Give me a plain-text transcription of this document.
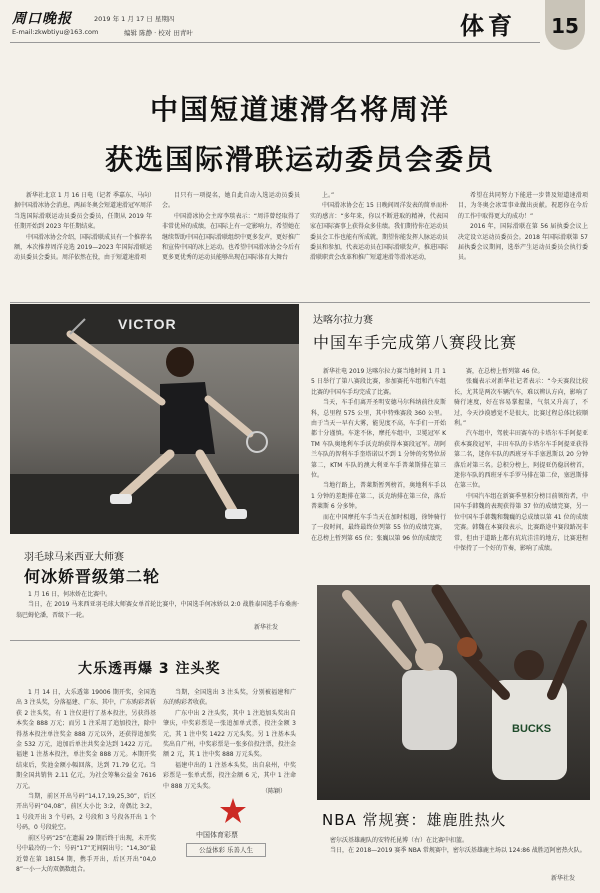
周口晚报	2019 年 1 月 17 日 星期四
E-mail:zkwbtiyu@163.com	编辑 陈静 · 校对 田青叶	体育	15
中国短道速滑名将周洋
获选国际滑联运动委员会委员

新华社北京 1 月 16 日电（记者 季嘉东、马向）据中国滑冰协会消息，两届冬奥会短道速滑冠军周洋当选国际滑联运动员委员会委员，任期从 2019 年任期开始到 2023 年任期结束。

中国滑冰协会介绍，国际滑联成员有一个推荐名额，本次推荐周洋竞选 2019—2023 年国际滑联运动员委员会委员。周洋依然在役，由于短道速滑项

目只有一项提名，她自此自动入选运动员委员会。

中国滑冰协会主席李琰表示：“周洋曾经取得了非常优异的成绩，在国际上有一定影响力，希望她在继续帮助中国在国际滑联组织中更多发声，更好推广和宣传中国的冰上运动。也希望中国滑冰协会今后有更多更优秀的运动员能够出现在国际体育大舞台

上。”

中国滑冰协会在 15 日晚间周洋发表的简单而朴实的感言：“多年来，你以不断进取的精神，代表国家在国际赛事上获得众多佳绩。我们期待你在运动员委员会工作也能有所成就，期望你能发挥人脉运动员委员和参加，代表运动员在国际滑联发声，推进国际滑联职责会改革和推广短道速滑等滑冰运动，

希望在共同努力下能进一步普及短道速滑项目，为冬奥会冰雪事业做出贡献。祝愿你在今后的工作中取得更大的成功！”

2016 年，国际滑联在第 56 届执委会议上决定设立运动员委员会。2018 年国际滑联第 57 届执委会议期间，选举产生运动员委员会执行委员。

VICTOR
羽毛球马来西亚大师赛
何冰娇晋级第二轮

1 月 16 日，何冰娇在比赛中。

当日，在 2019 马来西亚羽毛球大师赛女单首轮比赛中，中国选手何冰娇以 2:0 战胜泰国选手布桑南·翁巴姆伦潘，晋级下一轮。

新华社发
达喀尔拉力赛
中国车手完成第八赛段比赛

新华社电 2019 达喀尔拉力赛当地时间 1 月 15 日举行了第八赛段比赛，参加赛托车组和汽车组比赛的中国车手均完成了比赛。

当天，车手们离开圣明安德马尔科纳前往皮斯科，总里程 575 公里，其中特殊赛段 360 公里。由于当天一早有大雾，能见度不高，车手们一开始都十分谨慎。车迷不休，摩托车组中，卫冕冠军 KTM 车队奥地利车手沃克纳获得本赛段冠军。胡阿兰车队的智利车手奎塔诺以不到 1 分钟的劣势位居第二，KTM 车队的澳大利亚车手普莱斯排在第三位。

当地行路上，普莱斯暂列榜首，奥地利车手以 1 分钟的差距排在第二，沃克纳排在第三位，落后普莱斯 6 分多钟。

而在中国摩托车手当天在加时相遇，徐钟骑行了一段时间，最终最终位列第 55 位的成绩完赛，在总榜上暂列第 65 位；张巍以第 96 位的成绩完

赛，在总榜上暂列第 46 位。

张巍表示对新华社记者表示：“今天赛段比较长，尤其是两次车辆汽车，难以辨认方向，影响了骑行速度，好在容易掌握量，气氛又升高了，不过，今天沙漠感觉不是很大，比赛过程总体比较顺利。”

汽车组中，驾驶丰田赛车的卡塔尔车手阿提亚获本赛段冠军，丰田车队的卡塔尔车手阿提亚获得第二名，迷你车队的西班牙车手塞恩斯以 20 分钟落后对第三名。总积分榜上，阿提亚仍稳居榜首，迷你车队的西班牙车手罗马排在第二位，塞恩斯排在第三位。

中国汽车组在新赛季里积分榜目前领衔者，中国车手韩魏的表现获得第 37 位的成绩完赛，另一位中国车手韩魏和魏巍的总成绩以第 41 位的成绩完赛。韩魏在本赛段表示，比赛路途中赛段路况非常，但由于道路上都有坑坑洼洼的地方，比赛进程中保持了一个好的节奏，影响了成绩。

大乐透再爆 3 注头奖

1 月 14 日，大乐透第 19006 期开奖，全国选出 3 注头奖，分落福建、广东、其中，广东购彩者斩获 2 注头奖，有 1 注仅进行了基本投注，另获得基本奖金 888 万元；而另 1 注采用了追加投注，除中得基本投注单注奖金 888 万元以外，还获得追加奖金 532 万元，追加后单注共奖金达到 1422 万元。福建 1 注基本投注，单注奖金 888 万元。本期开奖结束后，奖池金额小幅回落，达到 71.79 亿元。当期全国共销售 2.11 亿元，为社会筹集公益金 7616 万元。

当期，前区开出号码“14,17,19,25,30”，后区开出号码“04,08”，前区大小比 3:2，奇偶比 3:2，1 号段开出 3 个号码，2 号段和 3 号段各开出 1 个号码，0 号段轮空。

前区号码“25”在遗漏 29 期后终于出现，未开奖号中最冷的一个；号码“17”无间隔出号；“14,30”最近曾在第 18154 期，携手开出，后区开出“04,08”一小一大的双偶数组合。

当期，全国选出 3 注头奖，分别被福建和广东的购彩者收获。

广东中出 2 注头奖，其中 1 注追加头奖出自肇庆，中奖彩票是一张追加单式票，投注金额 3 元，其 1 注中奖 1422 万元头奖。另 1 注基本头奖出自广州，中奖彩票是一张多倍投注票，投注金额 2 元，其 1 注中奖 888 万元头奖。

福建中出的 1 注基本头奖，出自泉州，中奖彩票是一张单式票，投注金额 6 元，其中 1 注命中 888 万元头奖。

（陈颖）
中国体育彩票
公益体彩 乐善人生
BUCKS
NBA 常规赛：雄鹿胜热火

密尔沃基雄鹿队的安特托昆博（右）在比赛中扣篮。

当日，在 2018—2019 赛季 NBA 常规赛中，密尔沃基雄鹿主场以 124:86 战胜迈阿密热火队。

新华社发
